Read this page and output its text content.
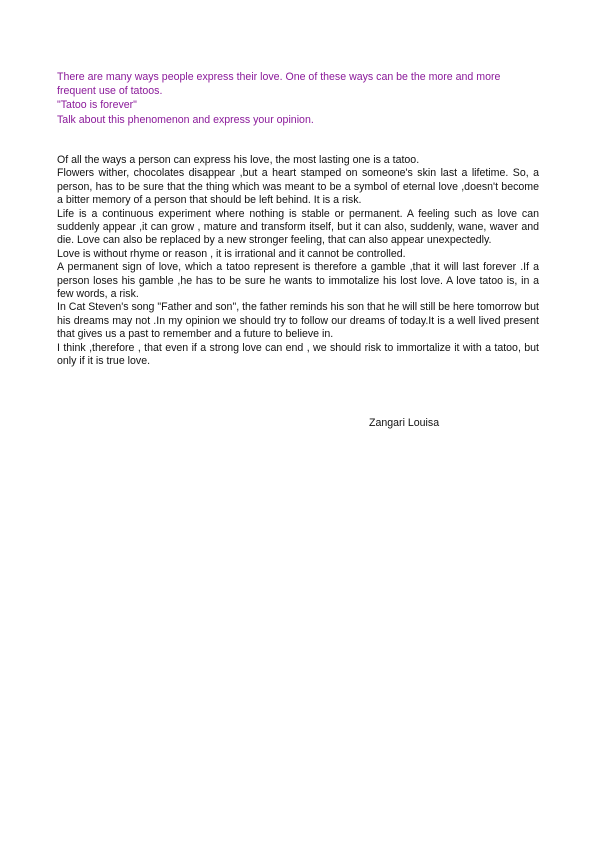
There are many ways people express their love. One of these ways can be the more and more frequent use of tatoos.

"Tatoo is forever"

Talk about this phenomenon and express your opinion.

Of all the ways a person can express his love, the most lasting one is a tatoo.

Flowers wither, chocolates disappear ,but a heart stamped on someone's skin last a lifetime. So, a person, has to be sure that the thing which was meant to be a symbol of eternal love ,doesn't become a bitter memory of a person that should be left behind. It is a risk.

Life is a continuous experiment where nothing is stable or permanent. A feeling such as love can suddenly appear ,it can grow , mature and transform itself, but it can also, suddenly, wane, waver and die. Love can also be replaced by a new stronger feeling, that can also appear unexpectedly.

Love is without rhyme or reason , it is irrational and it cannot be controlled.

A permanent sign of love, which a tatoo represent is therefore a gamble ,that it will last forever .If a person loses his gamble ,he has to be sure he wants to immotalize his lost love. A love tatoo is, in a few words, a risk.

In Cat Steven's song "Father and son", the father reminds his son that he will still be here tomorrow but his dreams may not .In my opinion we should try to follow our dreams of today.It is a well lived present that gives us a past to remember and a future to believe in.

I think ,therefore , that even if a strong love can end , we should risk to immortalize it with a tatoo, but only if it is true love.

Zangari Louisa
